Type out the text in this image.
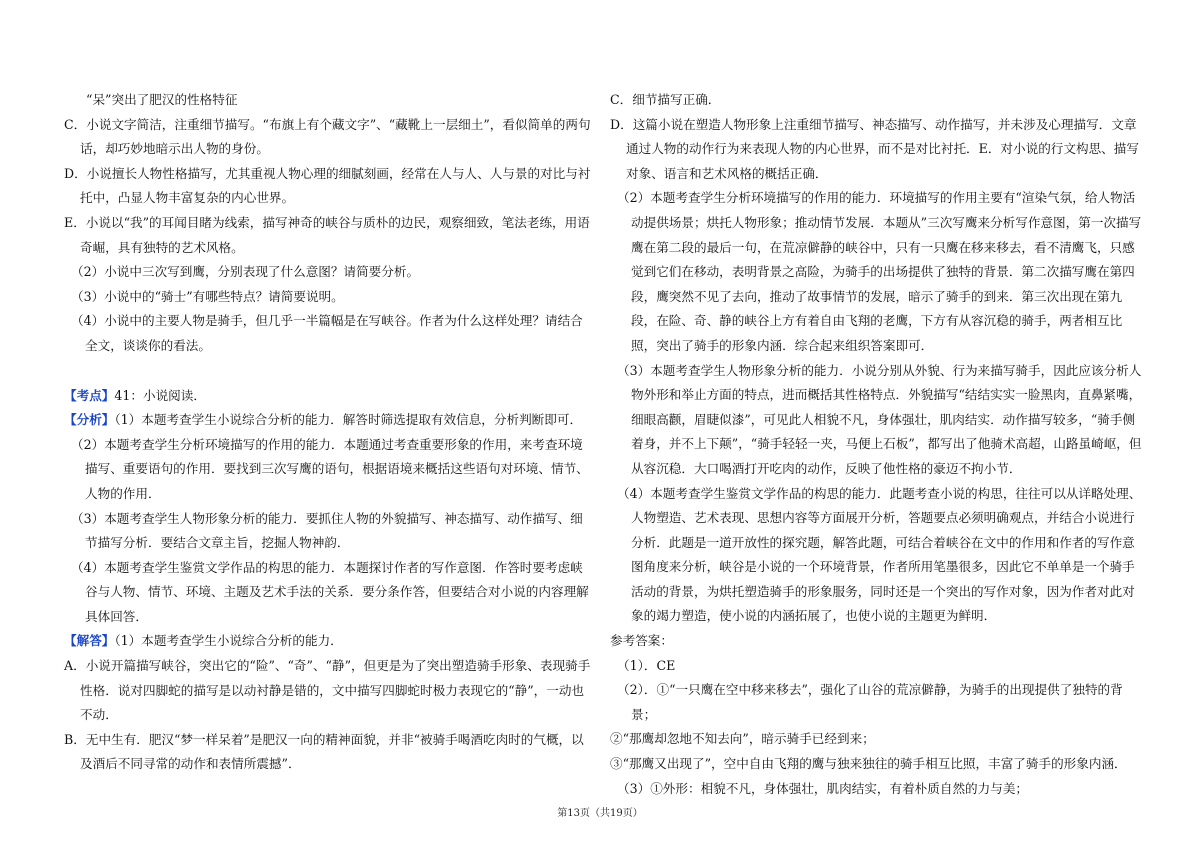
“呆”突出了肥汉的性格特征

C．小说文字简洁，注重细节描写。“布旗上有个藏文字”、“藏靴上一层细土”，看似简单的两句话，却巧妙地暗示出人物的身份。

D．小说擅长人物性格描写，尤其重视人物心理的细腻刻画，经常在人与人、人与景的对比与衬托中，凸显人物丰富复杂的内心世界。

E．小说以“我”的耳闻目睹为线索，描写神奇的峡谷与质朴的边民，观察细致，笔法老练，用语奇崛，具有独特的艺术风格。

（2）小说中三次写到鹰，分别表现了什么意图？请简要分析。

（3）小说中的“骑士”有哪些特点？请简要说明。

（4）小说中的主要人物是骑手，但几乎一半篇幅是在写峡谷。作者为什么这样处理？请结合全文，谈谈你的看法。

【考点】41：小说阅读．

【分析】（1）本题考查学生小说综合分析的能力．解答时筛选提取有效信息，分析判断即可．

（2）本题考查学生分析环境描写的作用的能力．本题通过考查重要形象的作用，来考查环境描写、重要语句的作用．要找到三次写鹰的语句，根据语境来概括这些语句对环境、情节、人物的作用．

（3）本题考查学生人物形象分析的能力．要抓住人物的外貌描写、神态描写、动作描写、细节描写分析．要结合文章主旨，挖掘人物神韵．

（4）本题考查学生鉴赏文学作品的构思的能力．本题探讨作者的写作意图．作答时要考虑峡谷与人物、情节、环境、主题及艺术手法的关系．要分条作答，但要结合对小说的内容理解具体回答．

【解答】（1）本题考查学生小说综合分析的能力．

A．小说开篇描写峡谷，突出它的“险”、“奇”、“静”，但更是为了突出塑造骑手形象、表现骑手性格．说对四脚蛇的描写是以动衬静是错的，文中描写四脚蛇时极力表现它的“静”，一动也不动．

B．无中生有．肥汉“梦一样呆着”是肥汉一向的精神面貌，并非“被骑手喝酒吃肉时的气概，以及酒后不同寻常的动作和表情所震撼”．

C．细节描写正确．

D．这篇小说在塑造人物形象上注重细节描写、神态描写、动作描写，并未涉及心理描写．文章通过人物的动作行为来表现人物的内心世界，而不是对比衬托．E．对小说的行文构思、描写对象、语言和艺术风格的概括正确．

（2）本题考查学生分析环境描写的作用的能力．环境描写的作用主要有“渲染气氛，给人物活动提供场景；烘托人物形象；推动情节发展．本题从”三次写鹰来分析写作意图，第一次描写鹰在第二段的最后一句，在荒凉僻静的峡谷中，只有一只鹰在移来移去，看不清鹰飞，只感觉到它们在移动，表明背景之高险，为骑手的出场提供了独特的背景．第二次描写鹰在第四段，鹰突然不见了去向，推动了故事情节的发展，暗示了骑手的到来．第三次出现在第九段，在险、奇、静的峡谷上方有着自由飞翔的老鹰，下方有从容沉稳的骑手，两者相互比照，突出了骑手的形象内涵．综合起来组织答案即可．

（3）本题考查学生人物形象分析的能力．小说分别从外貌、行为来描写骑手，因此应该分析人物外形和举止方面的特点，进而概括其性格特点．外貌描写“结结实实一脸黑肉，直鼻紧嘴，细眼高颧，眉睫似漆”，可见此人相貌不凡，身体强壮，肌肉结实．动作描写较多，“骑手侧着身，并不上下颠”，“骑手轻轻一夹，马便上石板”，都写出了他骑术高超，山路虽崎岖，但从容沉稳．大口喝酒打开吃肉的动作，反映了他性格的豪迈不拘小节．

（4）本题考查学生鉴赏文学作品的构思的能力．此题考查小说的构思，往往可以从详略处理、人物塑造、艺术表现、思想内容等方面展开分析，答题要点必须明确观点，并结合小说进行分析．此题是一道开放性的探究题，解答此题，可结合着峡谷在文中的作用和作者的写作意图角度来分析，峡谷是小说的一个环境背景，作者所用笔墨很多，因此它不单单是一个骑手活动的背景，为烘托塑造骑手的形象服务，同时还是一个突出的写作对象，因为作者对此对象的竭力塑造，使小说的内涵拓展了，也使小说的主题更为鲜明．

参考答案：

（1）．CE

（2）．①“一只鹰在空中移来移去”，强化了山谷的荒凉僻静，为骑手的出现提供了独特的背景；

②“那鹰却忽地不知去向”，暗示骑手已经到来；

③“那鹰又出现了”，空中自由飞翔的鹰与独来独往的骑手相互比照，丰富了骑手的形象内涵．

（3）①外形：相貌不凡，身体强壮，肌肉结实，有着朴质自然的力与美；

第13页（共19页）
